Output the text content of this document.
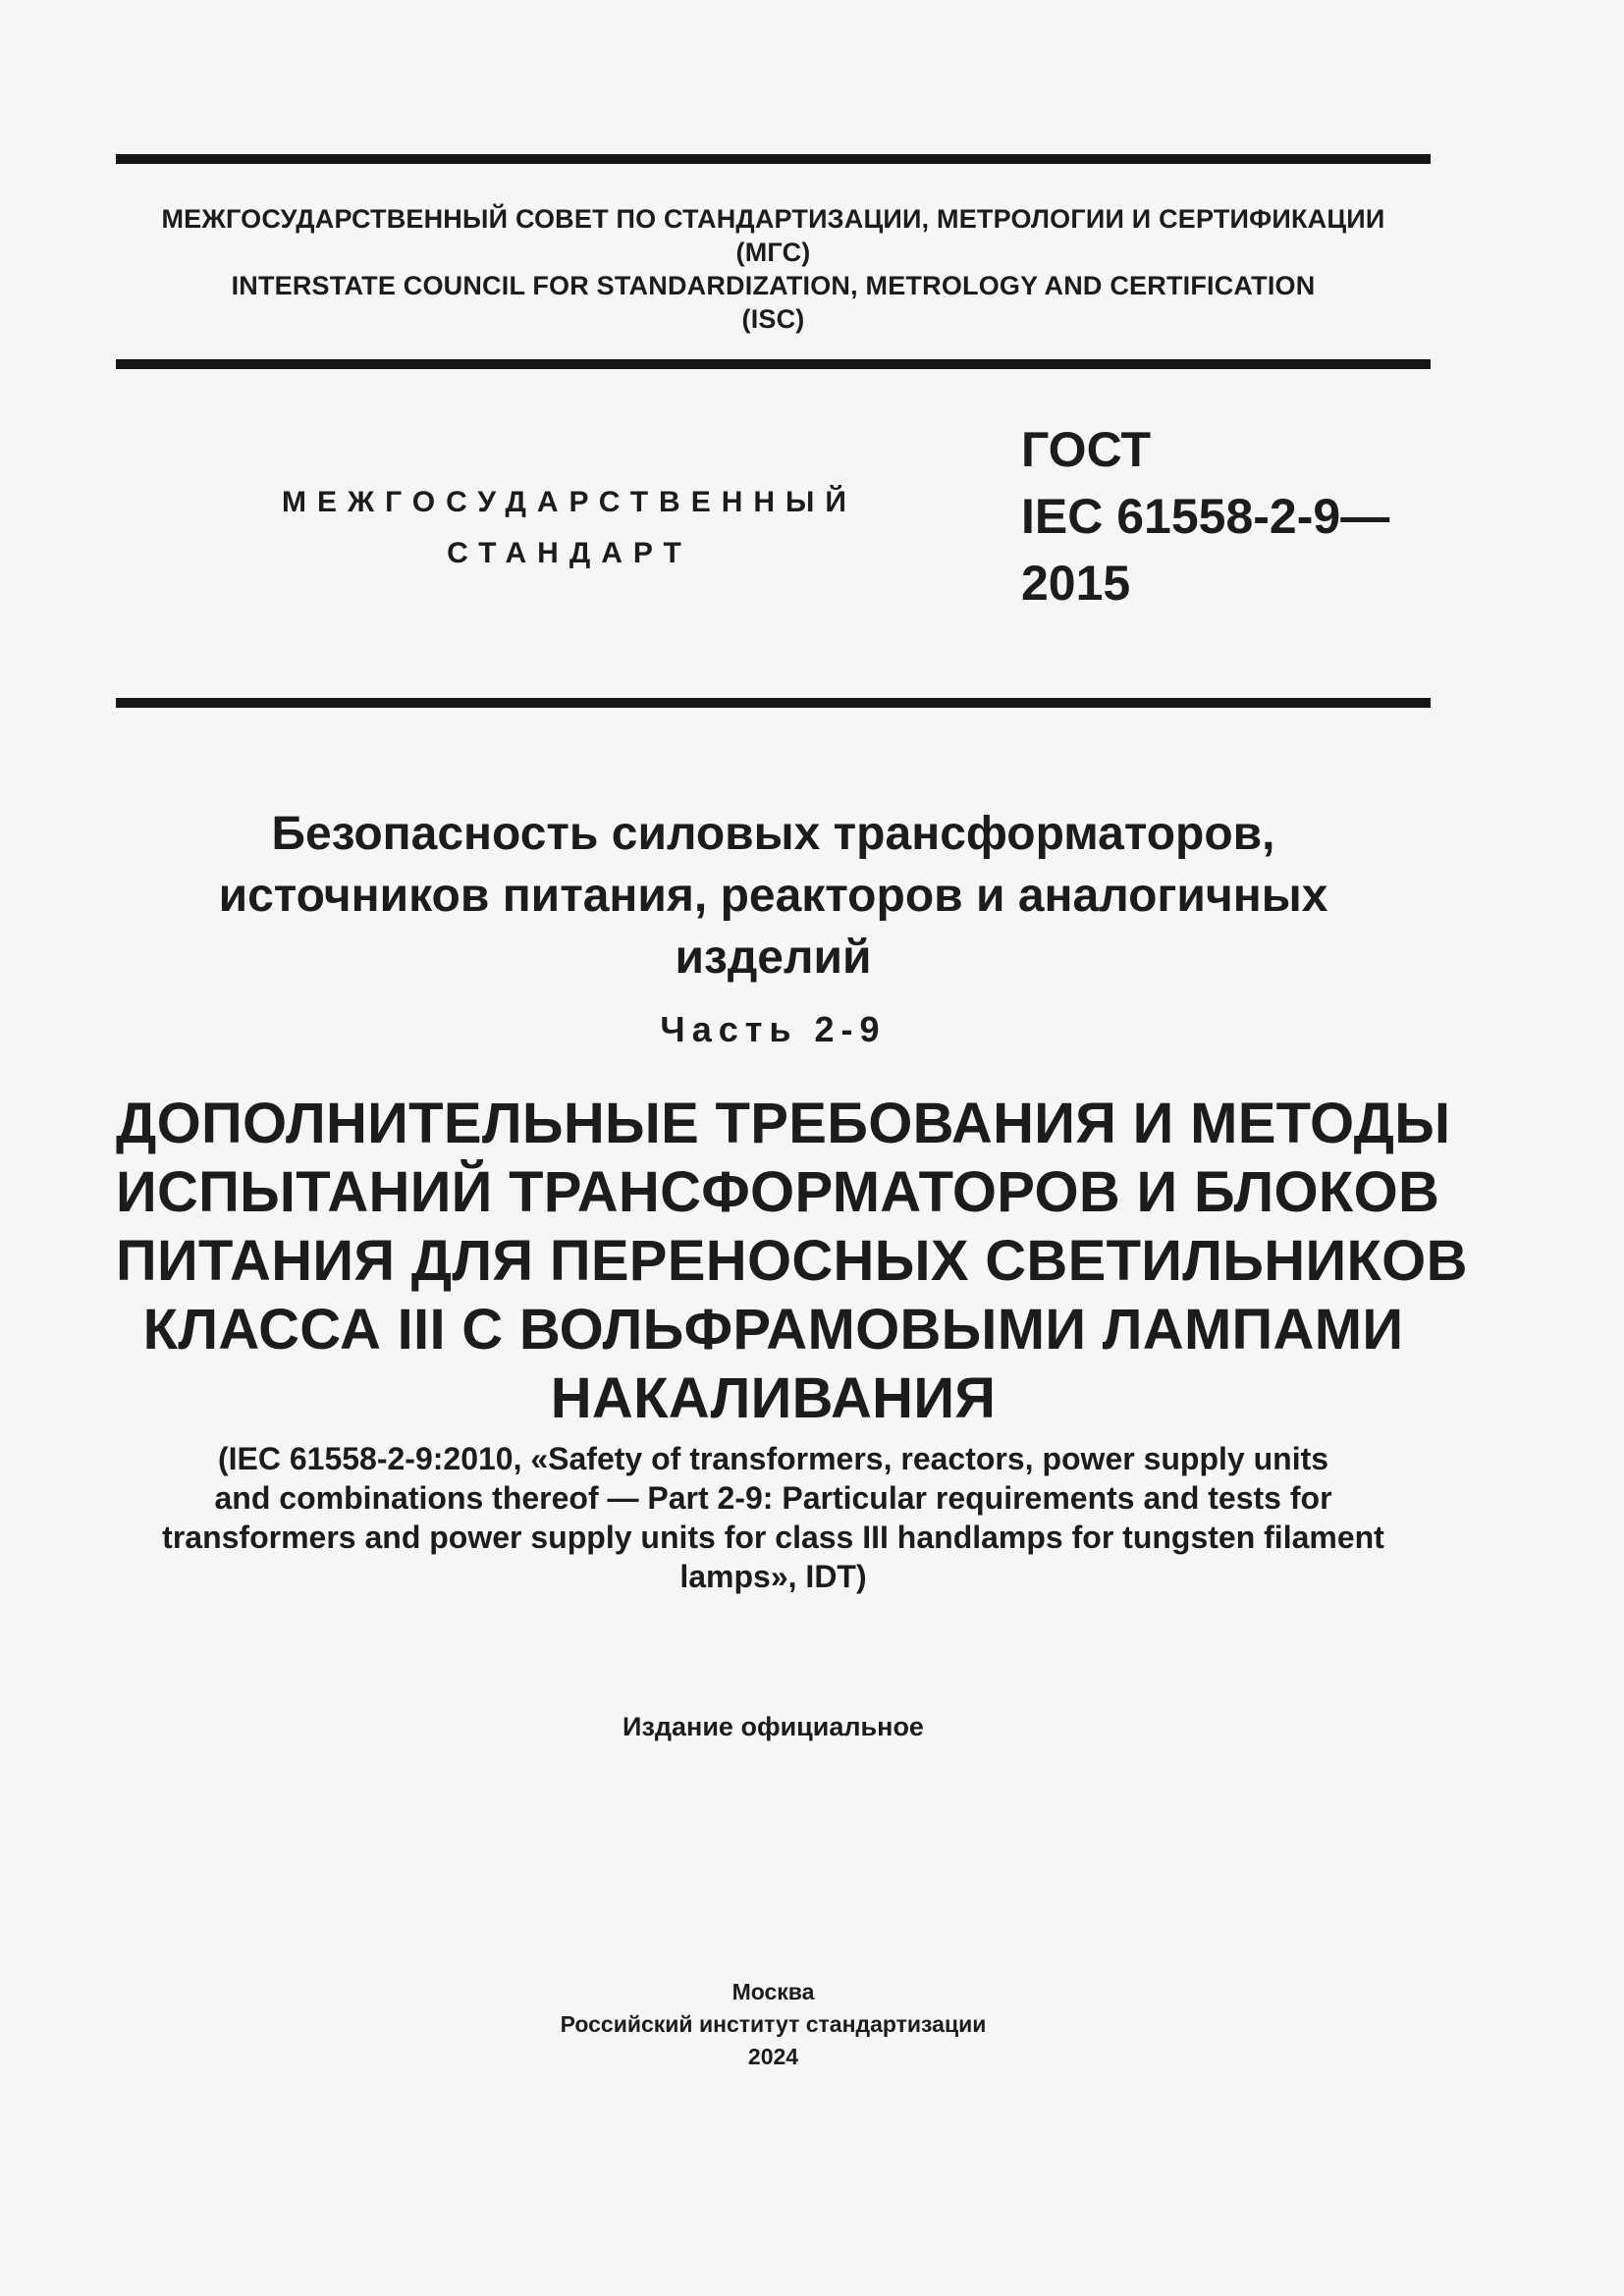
МЕЖГОСУДАРСТВЕННЫЙ СОВЕТ ПО СТАНДАРТИЗАЦИИ, МЕТРОЛОГИИ И СЕРТИФИКАЦИИ
(МГС)
INTERSTATE COUNCIL FOR STANDARDIZATION, METROLOGY AND CERTIFICATION
(ISC)
МЕЖГОСУДАРСТВЕННЫЙ
СТАНДАРТ
ГОСТ
IEC 61558-2-9—
2015
Безопасность силовых трансформаторов,
источников питания, реакторов и аналогичных
изделий
Часть 2-9
ДОПОЛНИТЕЛЬНЫЕ ТРЕБОВАНИЯ И МЕТОДЫ
ИСПЫТАНИЙ ТРАНСФОРМАТОРОВ И БЛОКОВ
ПИТАНИЯ ДЛЯ ПЕРЕНОСНЫХ СВЕТИЛЬНИКОВ
КЛАССА III С ВОЛЬФРАМОВЫМИ ЛАМПАМИ
НАКАЛИВАНИЯ
(IEC 61558-2-9:2010, «Safety of transformers, reactors, power supply units
and combinations thereof — Part 2-9: Particular requirements and tests for
transformers and power supply units for class III handlamps for tungsten filament
lamps», IDT)
Издание официальное
Москва
Российский институт стандартизации
2024
